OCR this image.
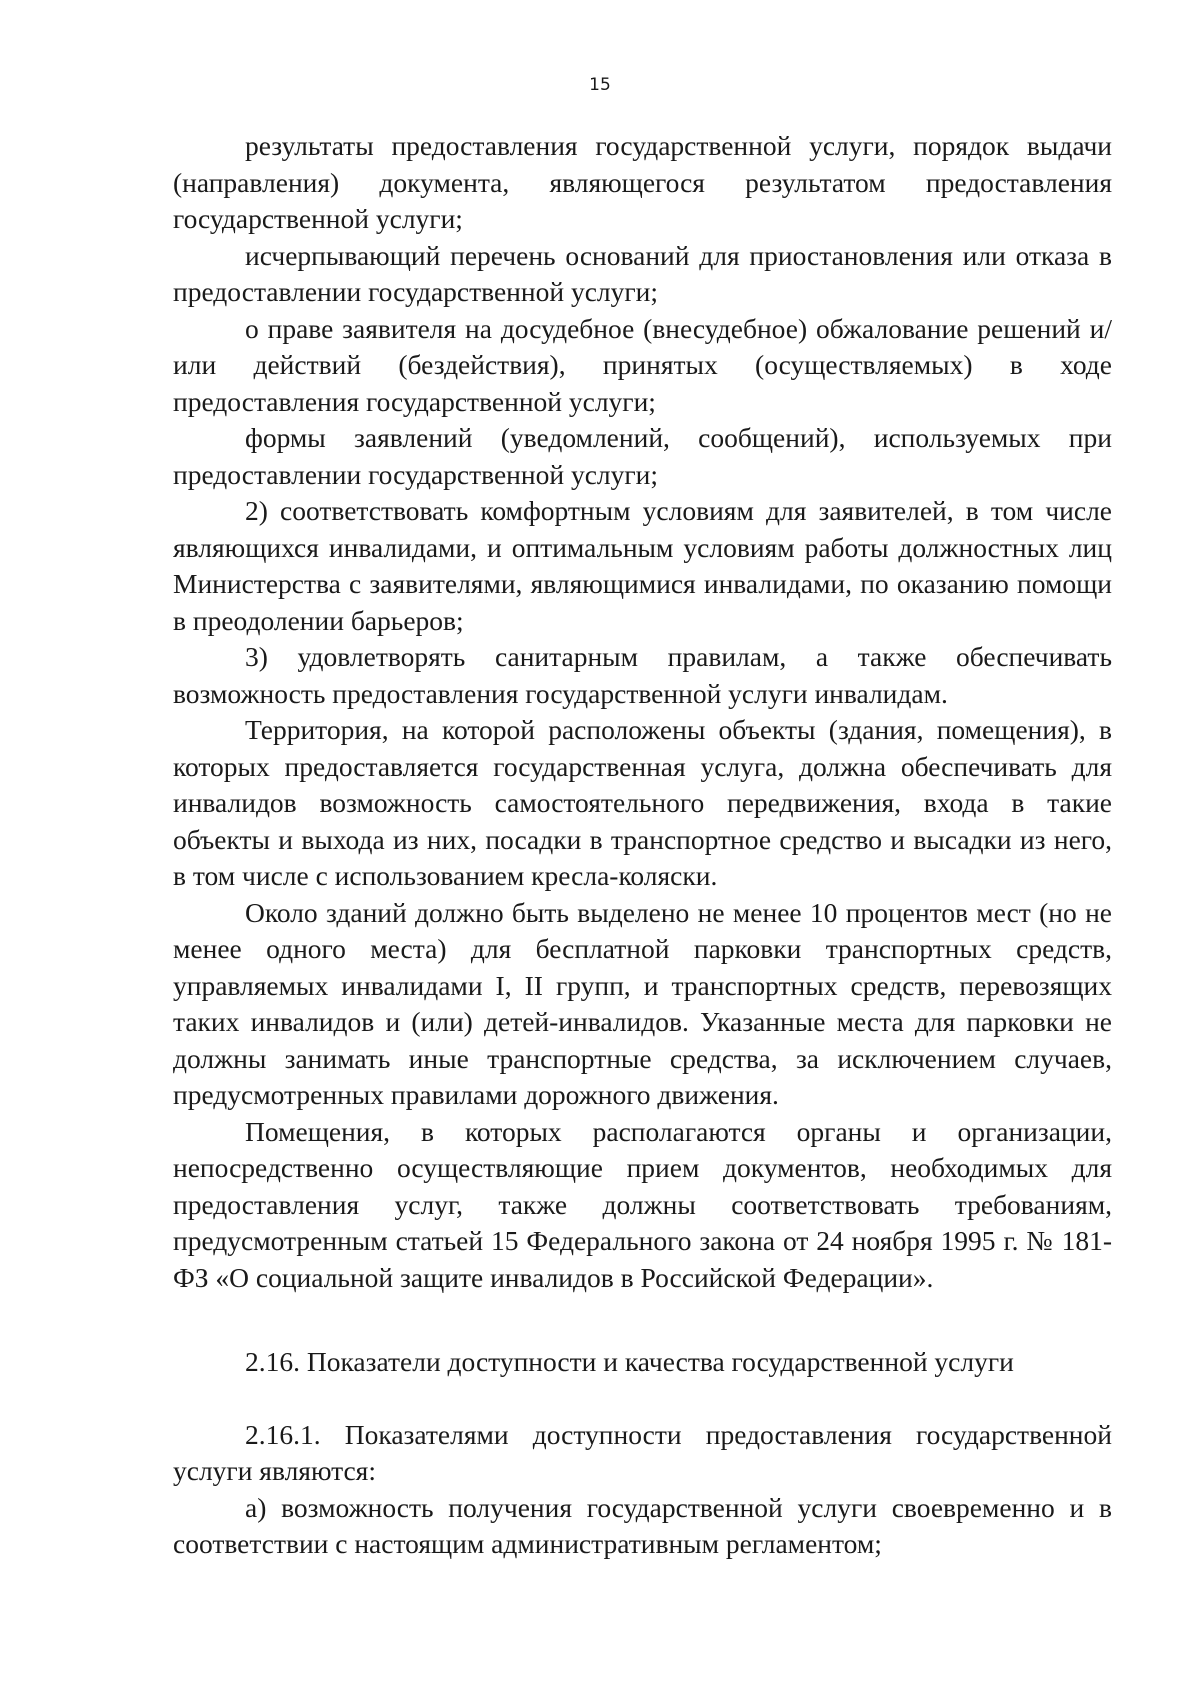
15

результаты предоставления государственной услуги, порядок выдачи (направления) документа, являющегося результатом предоставления государственной услуги;

исчерпывающий перечень оснований для приостановления или отказа в предоставлении государственной услуги;

о праве заявителя на досудебное (внесудебное) обжалование решений и/или действий (бездействия), принятых (осуществляемых) в ходе предоставления государственной услуги;

формы заявлений (уведомлений, сообщений), используемых при предоставлении государственной услуги;

2) соответствовать комфортным условиям для заявителей, в том числе являющихся инвалидами, и оптимальным условиям работы должностных лиц Министерства с заявителями, являющимися инвалидами, по оказанию помощи в преодолении барьеров;

3) удовлетворять санитарным правилам, а также обеспечивать возможность предоставления государственной услуги инвалидам.

Территория, на которой расположены объекты (здания, помещения), в которых предоставляется государственная услуга, должна обеспечивать для инвалидов возможность самостоятельного передвижения, входа в такие объекты и выхода из них, посадки в транспортное средство и высадки из него, в том числе с использованием кресла-коляски.

Около зданий должно быть выделено не менее 10 процентов мест (но не менее одного места) для бесплатной парковки транспортных средств, управляемых инвалидами I, II групп, и транспортных средств, перевозящих таких инвалидов и (или) детей-инвалидов. Указанные места для парковки не должны занимать иные транспортные средства, за исключением случаев, предусмотренных правилами дорожного движения.

Помещения, в которых располагаются органы и организации, непосредственно осуществляющие прием документов, необходимых для предоставления услуг, также должны соответствовать требованиям, предусмотренным статьей 15 Федерального закона от 24 ноября 1995 г. № 181-ФЗ «О социальной защите инвалидов в Российской Федерации».

2.16. Показатели доступности и качества государственной услуги

2.16.1. Показателями доступности предоставления государственной услуги являются:

а) возможность получения государственной услуги своевременно и в соответствии с настоящим административным регламентом;
